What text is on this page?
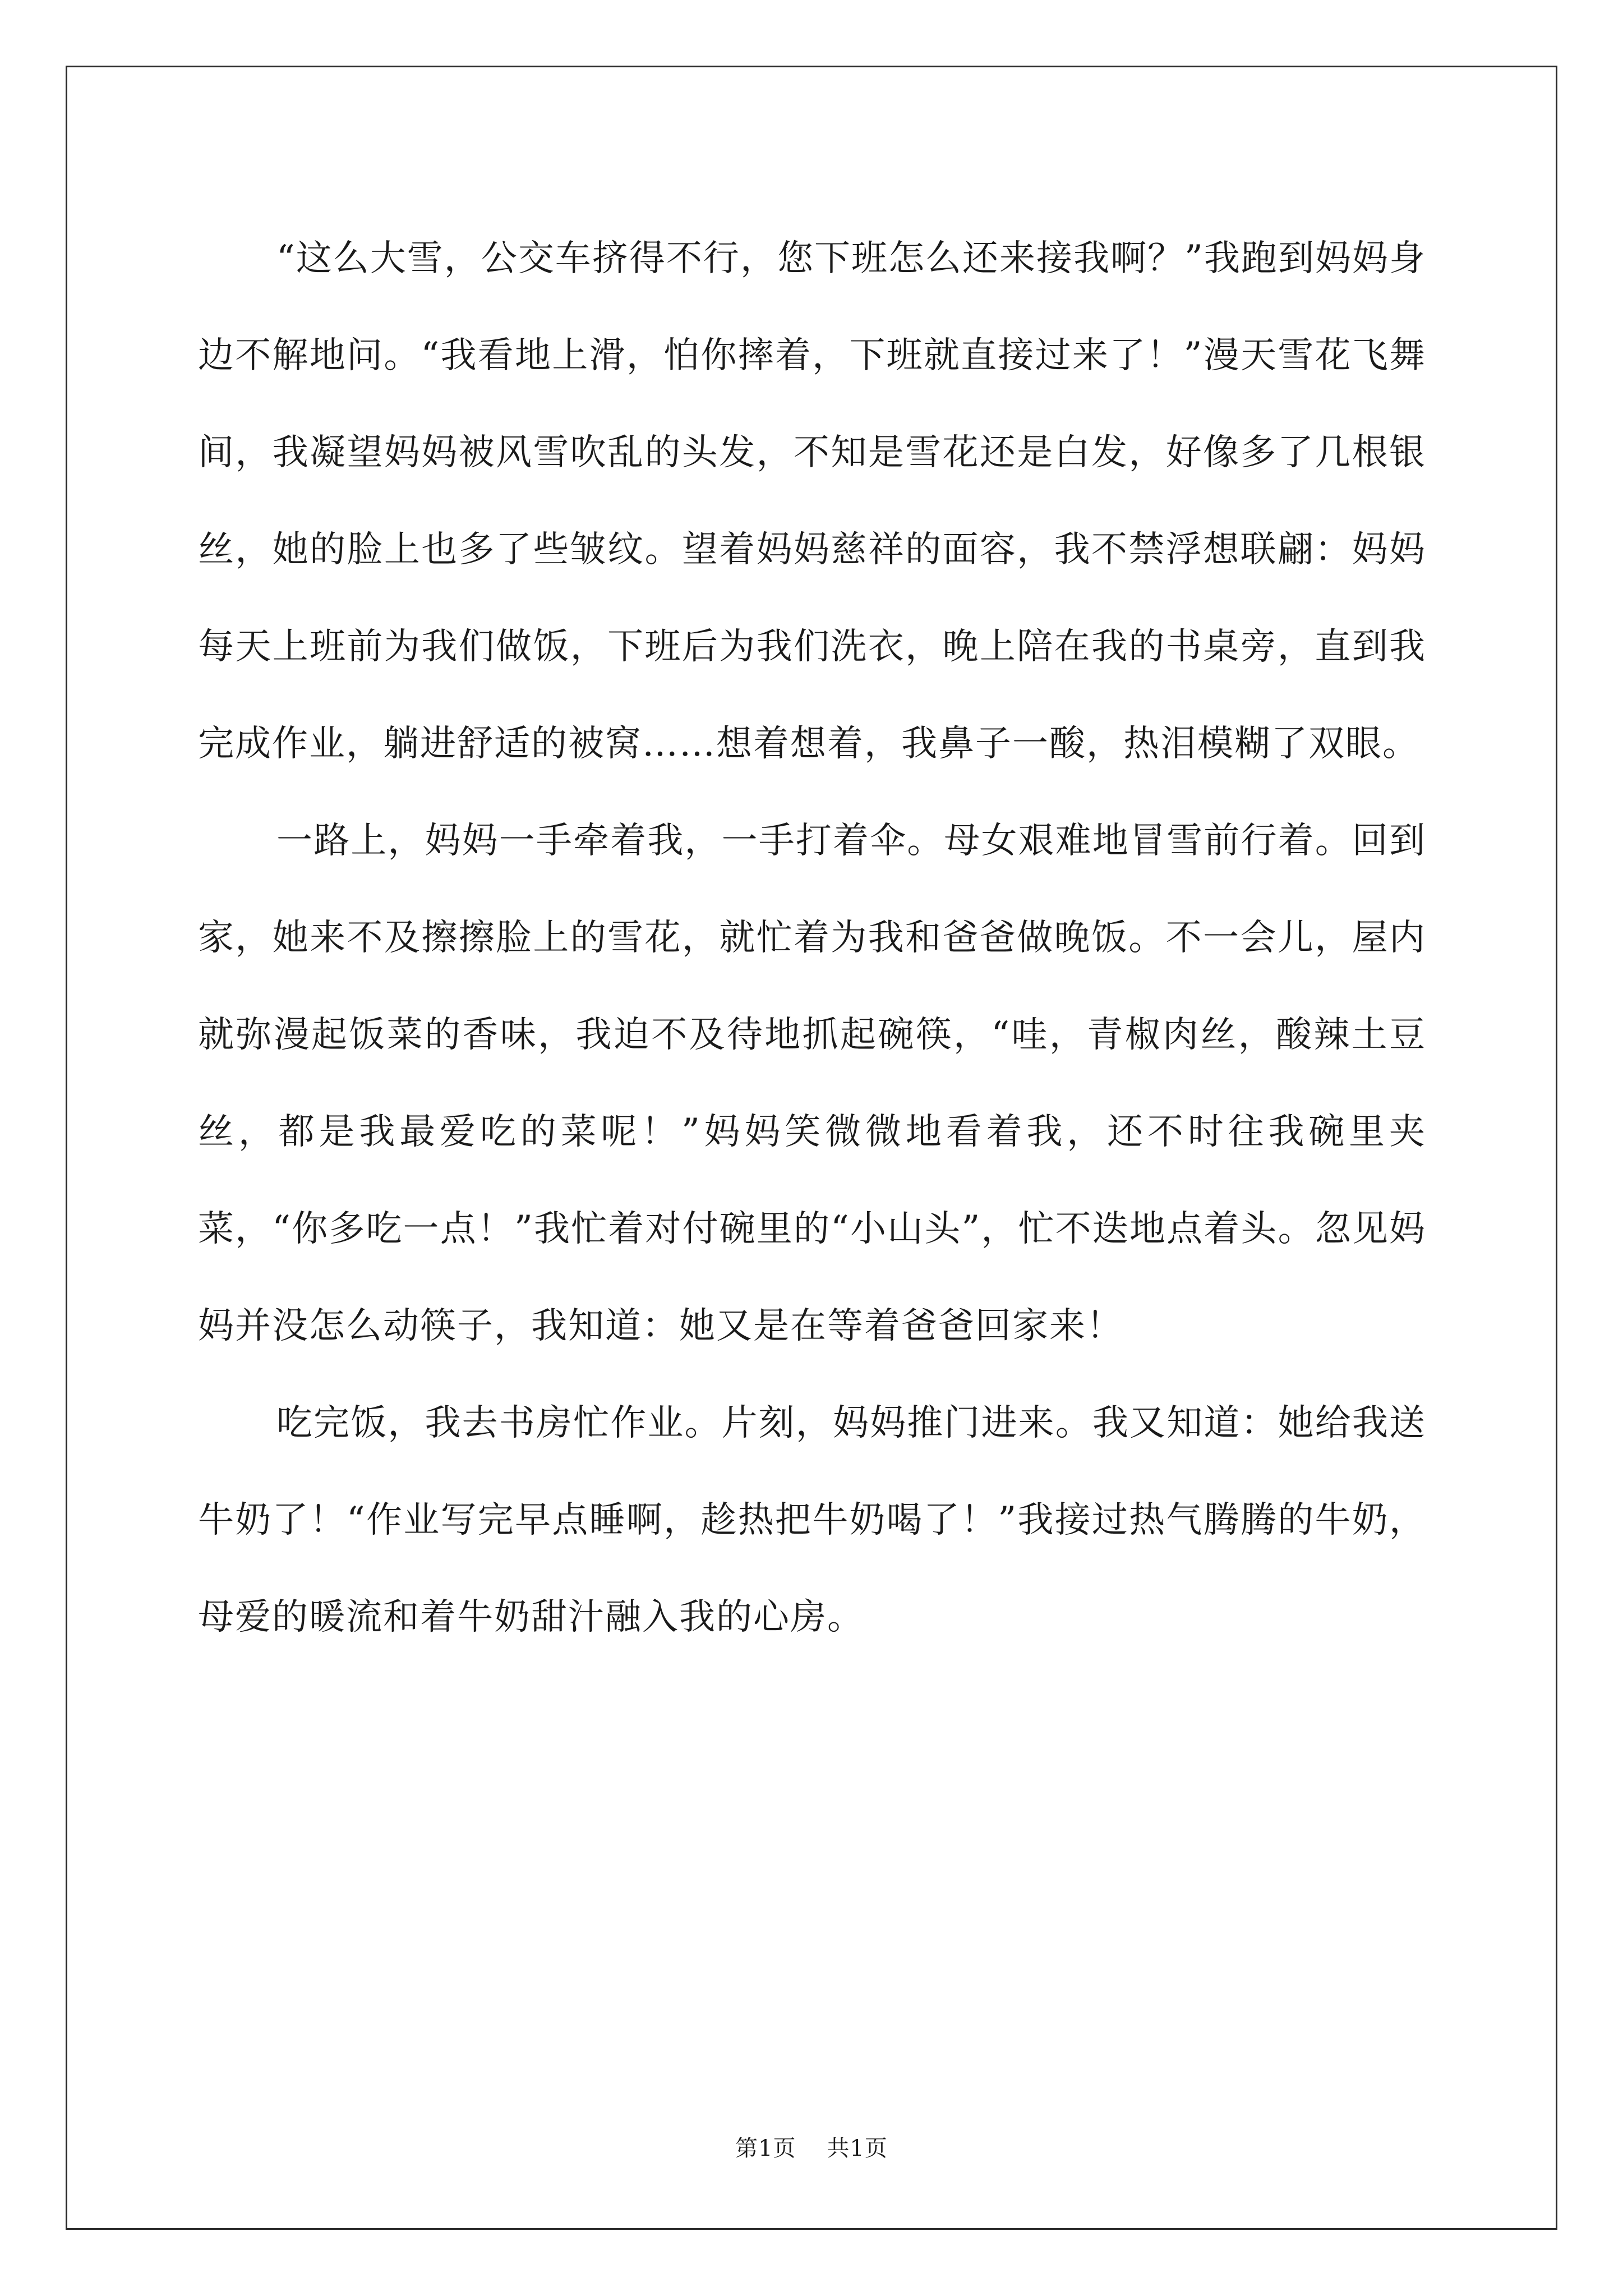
“这么大雪，公交车挤得不行，您下班怎么还来接我啊？”我跑到妈妈身边不解地问。“我看地上滑，怕你摔着，下班就直接过来了！”漫天雪花飞舞间，我凝望妈妈被风雪吹乱的头发，不知是雪花还是白发，好像多了几根银丝，她的脸上也多了些皱纹。望着妈妈慈祥的面容，我不禁浮想联翩：妈妈每天上班前为我们做饭，下班后为我们洗衣，晚上陪在我的书桌旁，直到我完成作业，躺进舒适的被窝……想着想着，我鼻子一酸，热泪模糊了双眼。

一路上，妈妈一手牵着我，一手打着伞。母女艰难地冒雪前行着。回到家，她来不及擦擦脸上的雪花，就忙着为我和爸爸做晚饭。不一会儿，屋内就弥漫起饭菜的香味，我迫不及待地抓起碗筷，“哇，青椒肉丝，酸辣土豆丝，都是我最爱吃的菜呢！”妈妈笑微微地看着我，还不时往我碗里夹菜，“你多吃一点！”我忙着对付碗里的“小山头”，忙不迭地点着头。忽见妈妈并没怎么动筷子，我知道：她又是在等着爸爸回家来！

吃完饭，我去书房忙作业。片刻，妈妈推门进来。我又知道：她给我送牛奶了！“作业写完早点睡啊，趁热把牛奶喝了！”我接过热气腾腾的牛奶，母爱的暖流和着牛奶甜汁融入我的心房。

第1页 共1页
